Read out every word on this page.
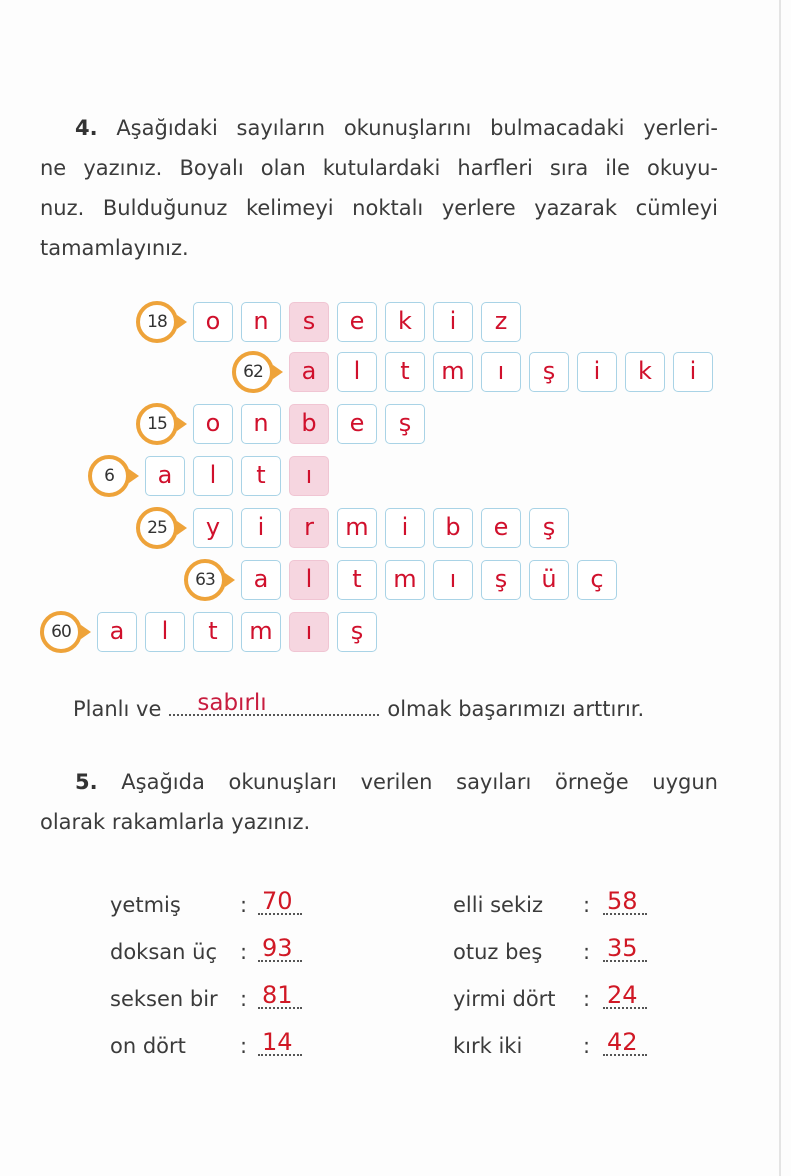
4. Aşağıdaki sayıların okunuşlarını bulmacadaki yerleri-
ne yazınız. Boyalı olan kutulardaki harfleri sıra ile okuyu-
nuz. Bulduğunuz kelimeyi noktalı yerlere yazarak cümleyi
tamamlayınız.
18	o	n	s	e	k	i	z
62	a	l	t	m	ı	ş	i	k	i
15	o	n	b	e	ş
6	a	l	t	ı
25	y	i	r	m	i	b	e	ş
63	a	l	t	m	ı	ş	ü	ç
60	a	l	t	m	ı	ş
Planlı ve sabırlı	olmak başarımızı arttırır.
5. Aşağıda okunuşları verilen sayıları örneğe uygun
olarak rakamlarla yazınız.
yetmiş	: 70
doksan üç : 93
seksen bir : 81
on dört	: 14
elli sekiz : 58
otuz beş : 35
yirmi dört : 24
kırk iki	: 42
